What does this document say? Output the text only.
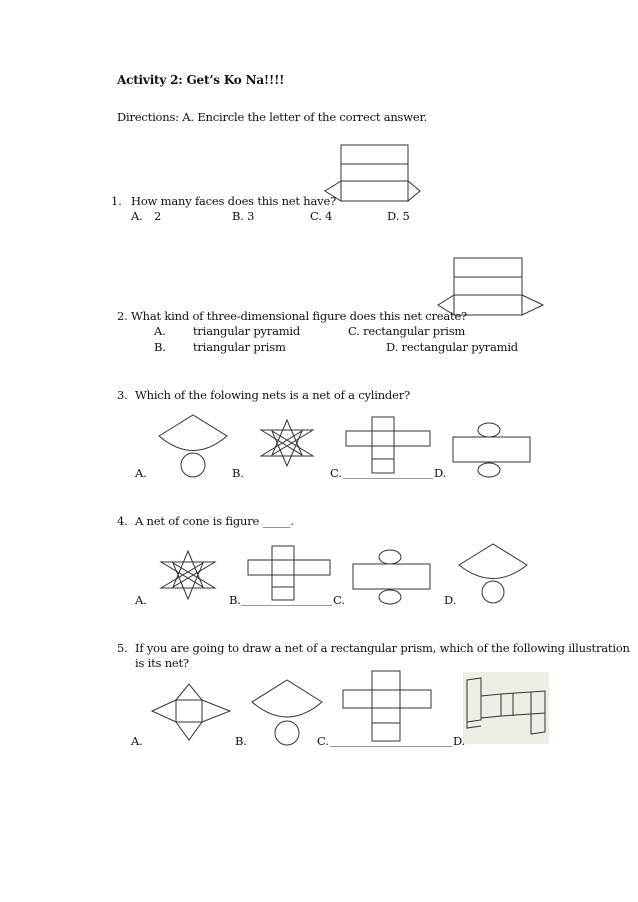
Activity 2: Get’s Ko Na!!!!
Directions: A. Encircle the letter of the correct answer.
1. How many faces does this net have?
A. 2	B. 3	C. 4	D. 5
2. What kind of three-dimensional figure does this net create?
A. triangular pyramid	C. rectangular prism
B. triangular prism	D. rectangular pyramid
3. Which of the folowing nets is a net of a cylinder?
A.	B.	C.	D.
4. A net of cone is figure _____.
A.	B.	C.	D.
5. If you are going to draw a net of a rectangular prism, which of the following illustration
is its net?
A.	B.	C.	D.
